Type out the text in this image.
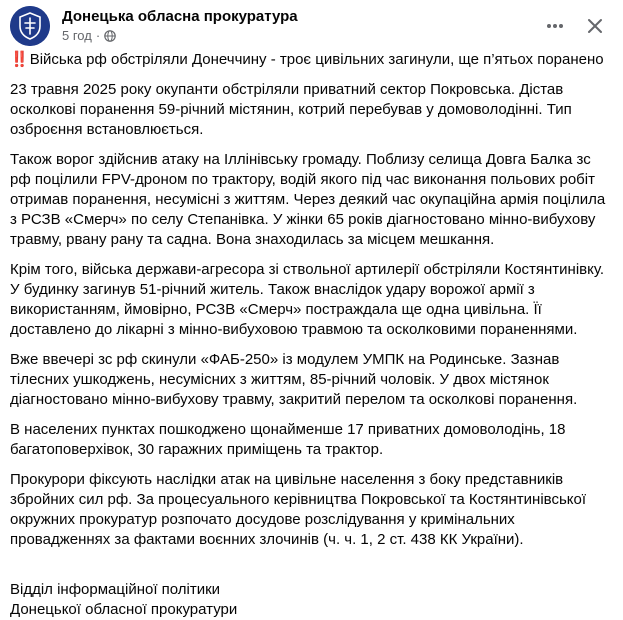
Донецька обласна прокуратура
5 год ·

‼️ Війська рф обстріляли Донеччину - троє цивільних загинули, ще п’ятьох поранено

23 травня 2025 року окупанти обстріляли приватний сектор Покровська. Дістав осколкові поранення 59-річний містянин, котрий перебував у домоволодінні. Тип озброєння встановлюється.

Також ворог здійснив атаку на Іллінівську громаду. Поблизу селища Довга Балка зс рф поцілили FPV-дроном по трактору, водій якого під час виконання польових робіт отримав поранення, несумісні з життям. Через деякий час окупаційна армія поцілила з РСЗВ «Смерч» по селу Степанівка. У жінки 65 років діагностовано мінно-вибухову травму, рвану рану та садна. Вона знаходилась за місцем мешкання.

Крім того, війська держави-агресора зі ствольної артилерії обстріляли Костянтинівку. У будинку загинув 51-річний житель. Також внаслідок удару ворожої армії з використанням, ймовірно, РСЗВ «Смерч» постраждала ще одна цивільна. Її доставлено до лікарні з мінно-вибуховою травмою та осколковими пораненнями.

Вже ввечері зс рф скинули «ФАБ-250» із модулем УМПК на Родинське. Зазнав тілесних ушкоджень, несумісних з життям, 85-річний чоловік. У двох містянок діагностовано мінно-вибухову травму, закритий перелом та осколкові поранення.

В населених пунктах пошкоджено щонайменше 17 приватних домоволодінь, 18 багатоповерхівок, 30 гаражних приміщень та трактор.

Прокурори фіксують наслідки атак на цивільне населення з боку представників збройних сил рф. За процесуального керівництва Покровської та Костянтинівської окружних прокуратур розпочато досудове розслідування у кримінальних провадженнях за фактами воєнних злочинів (ч. ч. 1, 2 ст. 438 КК України).

Відділ інформаційної політики

Донецької обласної прокуратури
